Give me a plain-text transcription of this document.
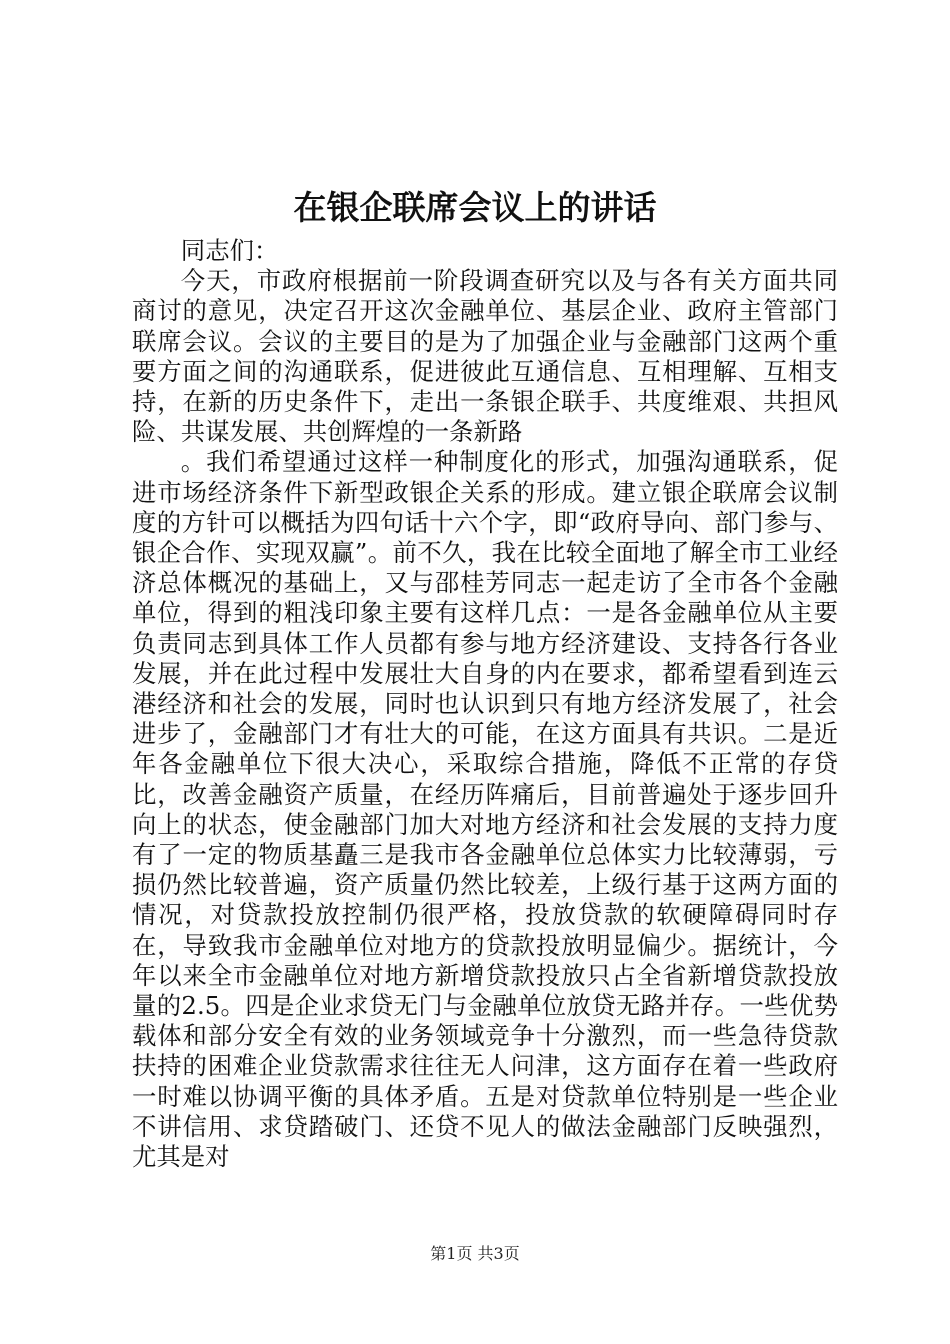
在银企联席会议上的讲话

同志们：

今天，市政府根据前一阶段调查研究以及与各有关方面共同商讨的意见，决定召开这次金融单位、基层企业、政府主管部门联席会议。会议的主要目的是为了加强企业与金融部门这两个重要方面之间的沟通联系，促进彼此互通信息、互相理解、互相支持，在新的历史条件下，走出一条银企联手、共度维艰、共担风险、共谋发展、共创辉煌的一条新路

。我们希望通过这样一种制度化的形式，加强沟通联系，促进市场经济条件下新型政银企关系的形成。建立银企联席会议制度的方针可以概括为四句话十六个字，即“政府导向、部门参与、银企合作、实现双赢”。前不久，我在比较全面地了解全市工业经济总体概况的基础上，又与邵桂芳同志一起走访了全市各个金融单位，得到的粗浅印象主要有这样几点：一是各金融单位从主要负责同志到具体工作人员都有参与地方经济建设、支持各行各业发展，并在此过程中发展壮大自身的内在要求，都希望看到连云港经济和社会的发展，同时也认识到只有地方经济发展了，社会进步了，金融部门才有壮大的可能，在这方面具有共识。二是近年各金融单位下很大决心，采取综合措施，降低不正常的存贷比，改善金融资产质量，在经历阵痛后，目前普遍处于逐步回升向上的状态，使金融部门加大对地方经济和社会发展的支持力度有了一定的物质基矗三是我市各金融单位总体实力比较薄弱，亏损仍然比较普遍，资产质量仍然比较差，上级行基于这两方面的情况，对贷款投放控制仍很严格，投放贷款的软硬障碍同时存在，导致我市金融单位对地方的贷款投放明显偏少。据统计，今年以来全市金融单位对地方新增贷款投放只占全省新增贷款投放量的2.5。四是企业求贷无门与金融单位放贷无路并存。一些优势载体和部分安全有效的业务领域竞争十分激烈，而一些急待贷款扶持的困难企业贷款需求往往无人问津，这方面存在着一些政府一时难以协调平衡的具体矛盾。五是对贷款单位特别是一些企业不讲信用、求贷踏破门、还贷不见人的做法金融部门反映强烈，尤其是对

第1页 共3页
